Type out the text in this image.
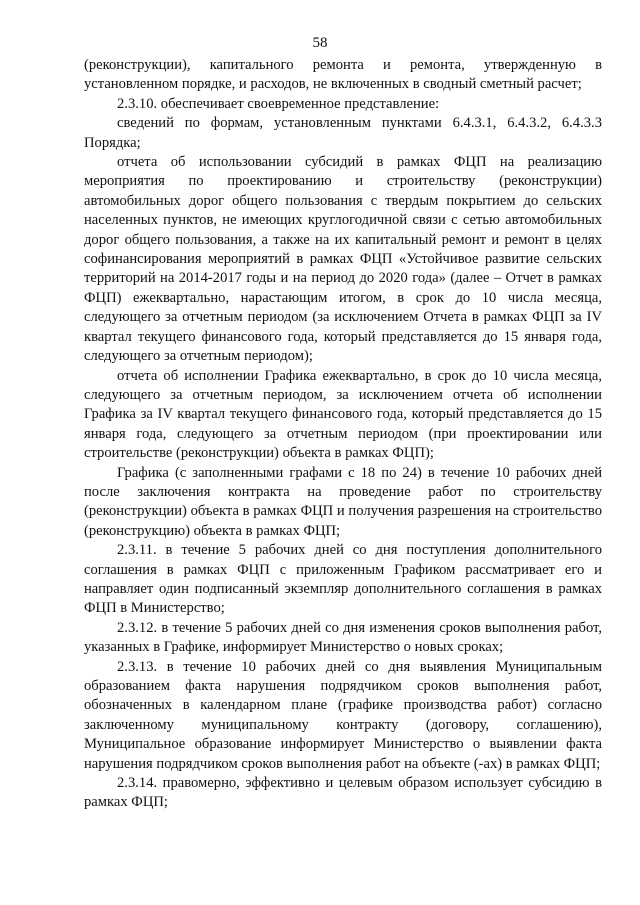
58

(реконструкции), капитального ремонта и ремонта, утвержденную в установленном порядке, и расходов, не включенных в сводный сметный расчет;

2.3.10. обеспечивает своевременное представление:

сведений по формам, установленным пунктами 6.4.3.1, 6.4.3.2, 6.4.3.3 Порядка;

отчета об использовании субсидий в рамках ФЦП на реализацию мероприятия по проектированию и строительству (реконструкции) автомобильных дорог общего пользования с твердым покрытием до сельских населенных пунктов, не имеющих круглогодичной связи с сетью автомобильных дорог общего пользования, а также на их капитальный ремонт и ремонт в целях софинансирования мероприятий в рамках ФЦП «Устойчивое развитие сельских территорий на 2014-2017 годы и на период до 2020 года» (далее – Отчет в рамках ФЦП) ежеквартально, нарастающим итогом, в срок до 10 числа месяца, следующего за отчетным периодом (за исключением Отчета в рамках ФЦП за IV квартал текущего финансового года, который представляется до 15 января года, следующего за отчетным периодом);

отчета об исполнении Графика ежеквартально, в срок до 10 числа месяца, следующего за отчетным периодом, за исключением отчета об исполнении Графика за IV квартал текущего финансового года, который представляется до 15 января года, следующего за отчетным периодом (при проектировании или строительстве (реконструкции) объекта в рамках ФЦП);

Графика (с заполненными графами с 18 по 24) в течение 10 рабочих дней после заключения контракта на проведение работ по строительству (реконструкции) объекта в рамках ФЦП и получения разрешения на строительство (реконструкцию) объекта в рамках ФЦП;

2.3.11. в течение 5 рабочих дней со дня поступления дополнительного соглашения в рамках ФЦП с приложенным Графиком рассматривает его и направляет один подписанный экземпляр дополнительного соглашения в рамках ФЦП в Министерство;

2.3.12. в течение 5 рабочих дней со дня изменения сроков выполнения работ, указанных в Графике, информирует Министерство о новых сроках;

2.3.13. в течение 10 рабочих дней со дня выявления Муниципальным образованием факта нарушения подрядчиком сроков выполнения работ, обозначенных в календарном плане (графике производства работ) согласно заключенному муниципальному контракту (договору, соглашению), Муниципальное образование информирует Министерство о выявлении факта нарушения подрядчиком сроков выполнения работ на объекте (-ах) в рамках ФЦП;

2.3.14. правомерно, эффективно и целевым образом использует субсидию в рамках ФЦП;
